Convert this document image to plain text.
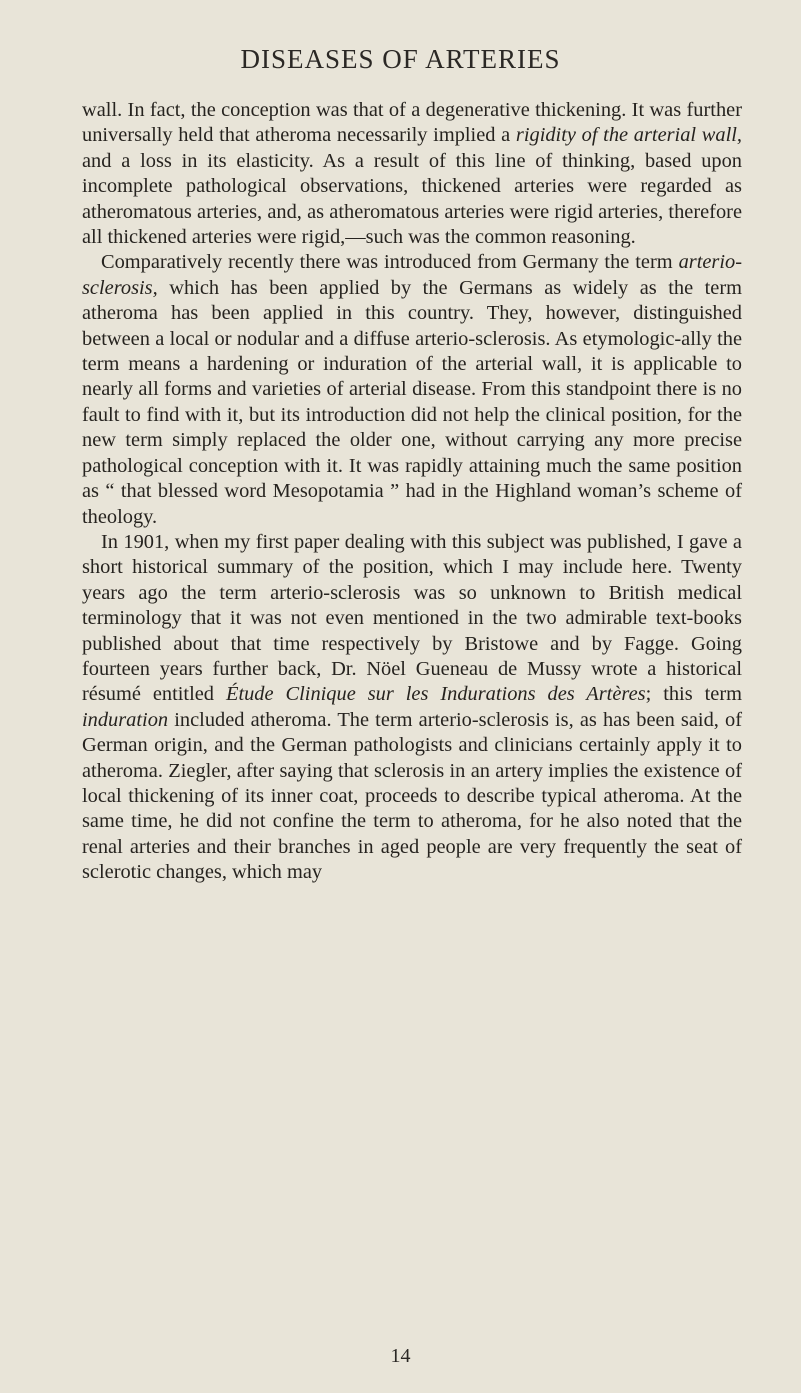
DISEASES OF ARTERIES

wall. In fact, the conception was that of a degenerative thickening. It was further universally held that atheroma necessarily implied a rigidity of the arterial wall, and a loss in its elasticity. As a result of this line of thinking, based upon incomplete pathological observations, thickened arteries were regarded as atheromatous arteries, and, as atheromatous arteries were rigid arteries, therefore all thickened arteries were rigid,—such was the common reasoning.

Comparatively recently there was introduced from Germany the term arterio-sclerosis, which has been applied by the Germans as widely as the term atheroma has been applied in this country. They, however, distinguished between a local or nodular and a diffuse arterio-sclerosis. As etymologic-ally the term means a hardening or induration of the arterial wall, it is applicable to nearly all forms and varieties of arterial disease. From this standpoint there is no fault to find with it, but its introduction did not help the clinical position, for the new term simply replaced the older one, without carrying any more precise pathological conception with it. It was rapidly attaining much the same position as “ that blessed word Mesopotamia ” had in the Highland woman’s scheme of theology.

In 1901, when my first paper dealing with this subject was published, I gave a short historical summary of the position, which I may include here. Twenty years ago the term arterio-sclerosis was so unknown to British medical terminology that it was not even mentioned in the two admirable text-books published about that time respectively by Bristowe and by Fagge. Going fourteen years further back, Dr. Nöel Gueneau de Mussy wrote a historical résumé entitled Étude Clinique sur les Indurations des Artères; this term induration included atheroma. The term arterio-sclerosis is, as has been said, of German origin, and the German pathologists and clinicians certainly apply it to atheroma. Ziegler, after saying that sclerosis in an artery implies the existence of local thickening of its inner coat, proceeds to describe typical atheroma. At the same time, he did not confine the term to atheroma, for he also noted that the renal arteries and their branches in aged people are very frequently the seat of sclerotic changes, which may

14
